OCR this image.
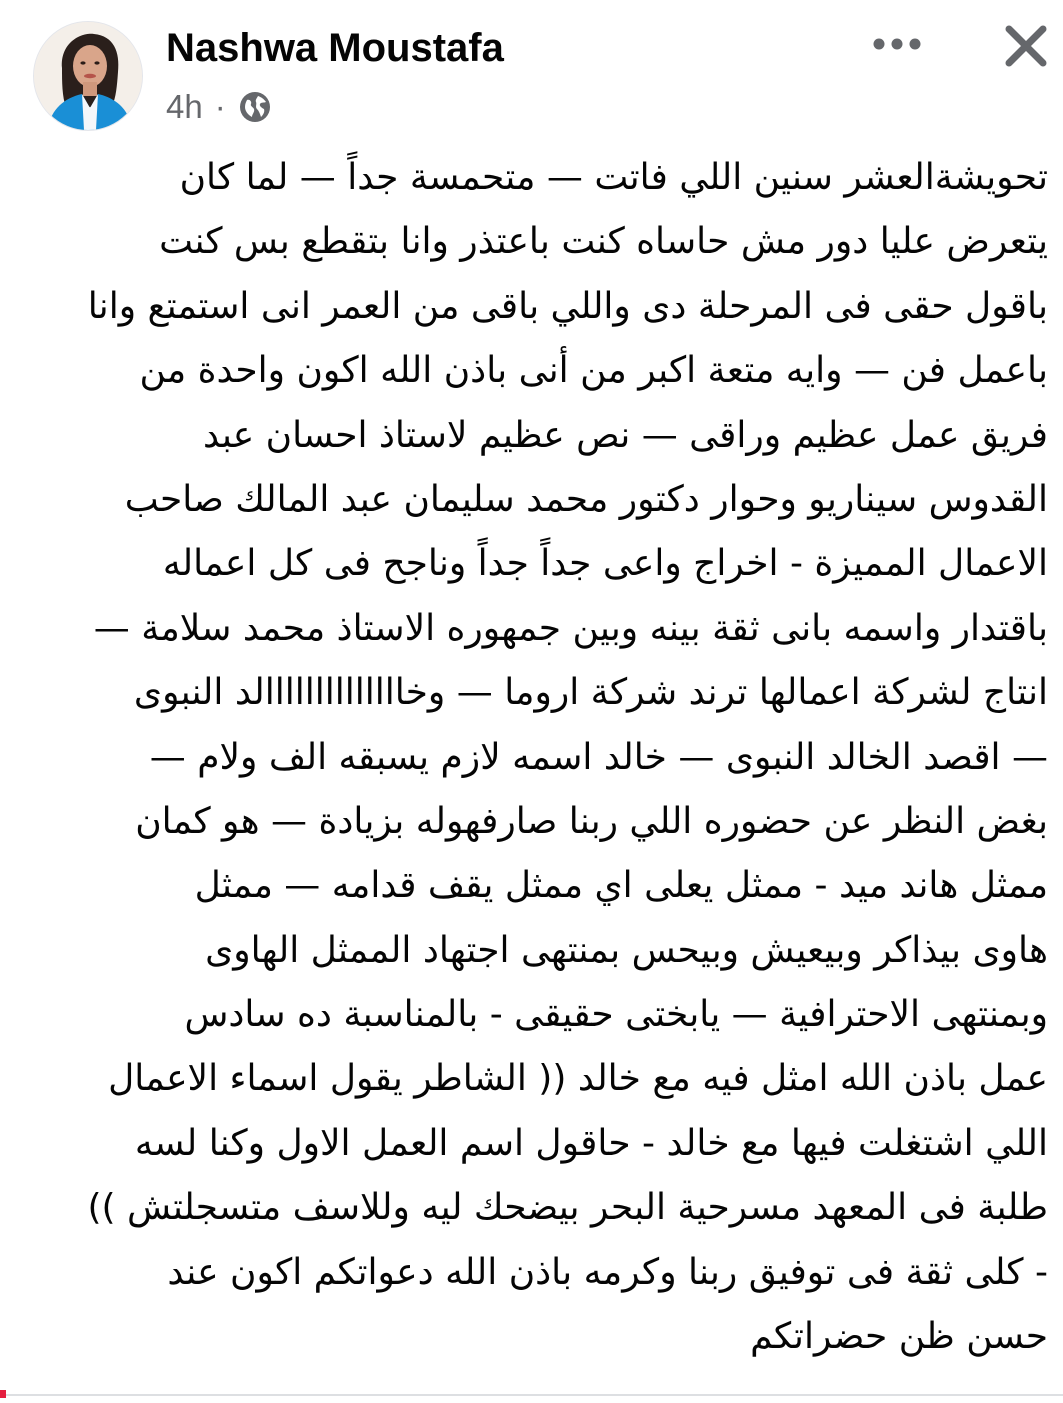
Nashwa Moustafa
4h ·
تحويشةالعشر سنين اللي فاتت — متحمسة جداً — لما كان
يتعرض عليا دور مش حاساه كنت باعتذر وانا بتقطع بس كنت
باقول حقى فى المرحلة دى واللي باقى من العمر انى استمتع وانا
باعمل فن — وايه متعة اكبر من أنى باذن الله اكون واحدة من
فريق عمل عظيم وراقى — نص عظيم لاستاذ احسان عبد
القدوس سيناريو وحوار دكتور محمد سليمان عبد المالك صاحب
الاعمال المميزة - اخراج واعى جداً جداً وناجح فى كل اعماله
باقتدار واسمه بانى ثقة بينه وبين جمهوره الاستاذ محمد سلامة —
انتاج لشركة اعمالها ترند شركة اروما — وخاااااااااااااالد النبوى
— اقصد الخالد النبوى — خالد اسمه لازم يسبقه الف ولام —
بغض النظر عن حضوره اللي ربنا صارفهوله بزيادة — هو كمان
ممثل هاند ميد - ممثل يعلى اي ممثل يقف قدامه — ممثل
هاوى بيذاكر وبيعيش وبيحس بمنتهى اجتهاد الممثل الهاوى
وبمنتهى الاحترافية — يابختى حقيقى - بالمناسبة ده سادس
عمل باذن الله امثل فيه مع خالد (( الشاطر يقول اسماء الاعمال
اللي اشتغلت فيها مع خالد - حاقول اسم العمل الاول وكنا لسه
طلبة فى المعهد مسرحية البحر بيضحك ليه وللاسف متسجلتش ))
- كلى ثقة فى توفيق ربنا وكرمه باذن الله دعواتكم اكون عند
حسن ظن حضراتكم
